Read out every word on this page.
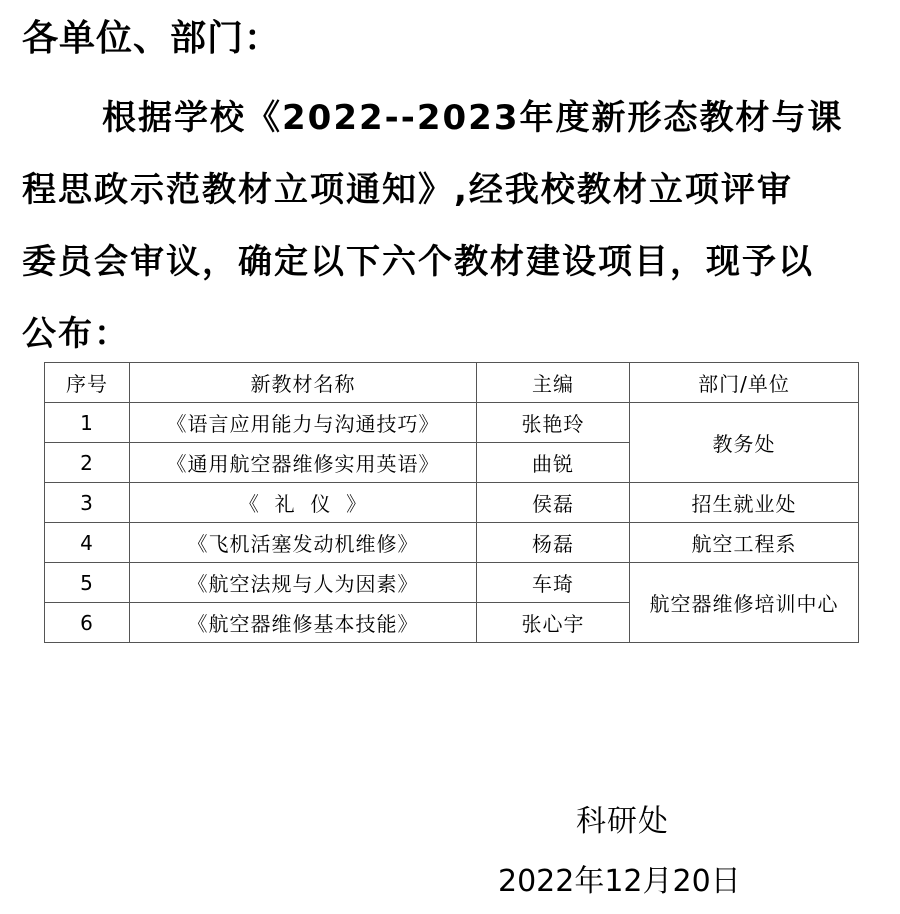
各单位、部门：

根据学校《2022--2023年度新形态教材与课

程思政示范教材立项通知》,经我校教材立项评审

委员会审议，确定以下六个教材建设项目，现予以

公布：

序号	新教材名称	主编	部门/单位
1	《语言应用能力与沟通技巧》	张艳玲	教务处
2	《通用航空器维修实用英语》	曲锐	
3	《  礼  仪  》	侯磊	招生就业处
4	《飞机活塞发动机维修》	杨磊	航空工程系
5	《航空法规与人为因素》	车琦	航空器维修培训中心
6	《航空器维修基本技能》	张心宇	
科研处
2022年12月20日
